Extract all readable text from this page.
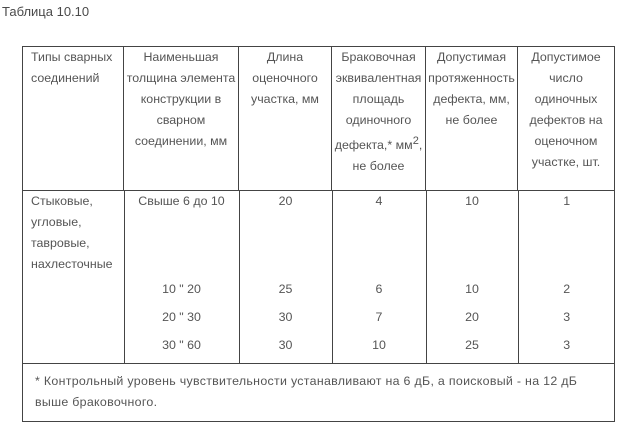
Таблица 10.10
Типы сварных соединений	Наименьшая толщина элемента конструкции в сварном соединении, мм	Длина оценочного участка, мм	Браковочная эквивалентная площадь одиночного дефекта,* $мм^2$, не более	Допустимая протяженность дефекта, мм, не более	Допустимое число одиночных дефектов на оценочном участке, шт.

Стыковые, угловые, тавровые, нахлесточные	Свыше 6 до 10	20	4	10	1
	10 " 20	25	6	10	2
	20 " 30	30	7	20	3
	30 " 60	30	10	25	3

* Контрольный уровень чувствительности устанавливают на 6 дБ, а поисковый - на 12 дБ выше браковочного.
